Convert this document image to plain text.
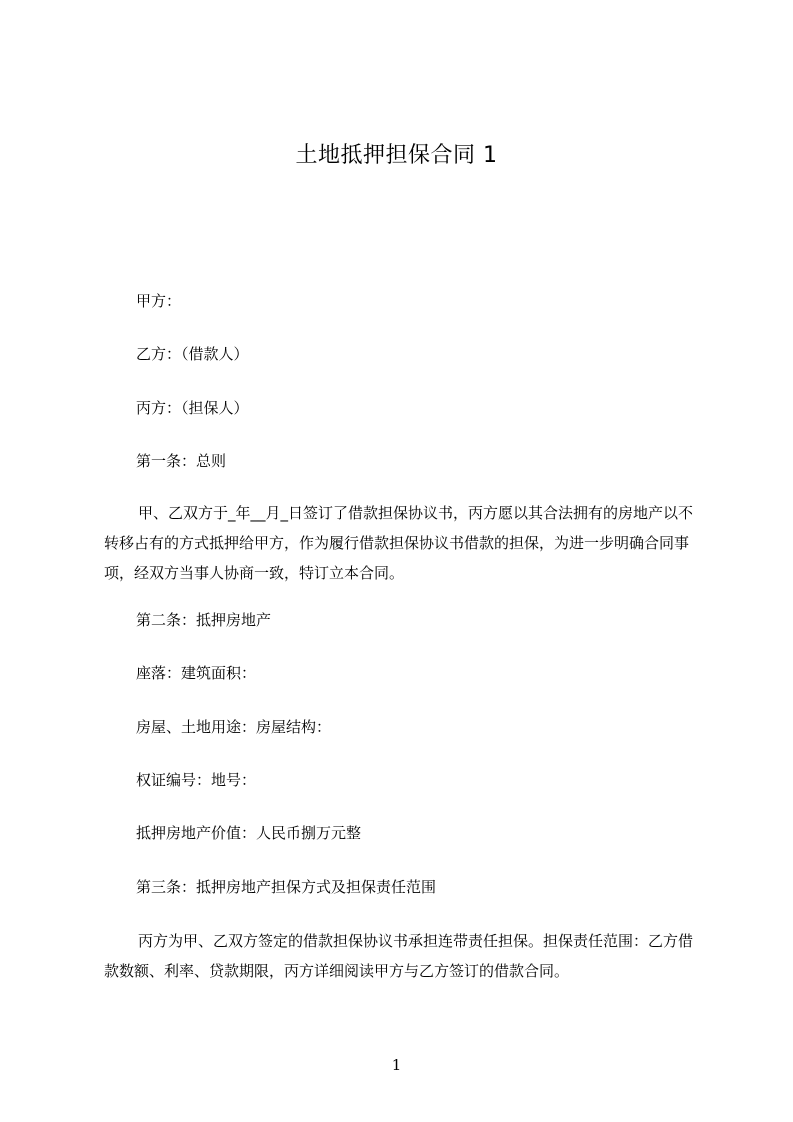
土地抵押担保合同 1
甲方：
乙方：（借款人）
丙方：（担保人）
第一条：总则
甲、乙双方于_年__月_日签订了借款担保协议书，丙方愿以其合法拥有的房地产以不转移占有的方式抵押给甲方，作为履行借款担保协议书借款的担保，为进一步明确合同事项，经双方当事人协商一致，特订立本合同。
第二条：抵押房地产
座落：建筑面积：
房屋、土地用途：房屋结构：
权证编号：地号：
抵押房地产价值：人民币捌万元整
第三条：抵押房地产担保方式及担保责任范围
丙方为甲、乙双方签定的借款担保协议书承担连带责任担保。担保责任范围：乙方借款数额、利率、贷款期限，丙方详细阅读甲方与乙方签订的借款合同。
1
